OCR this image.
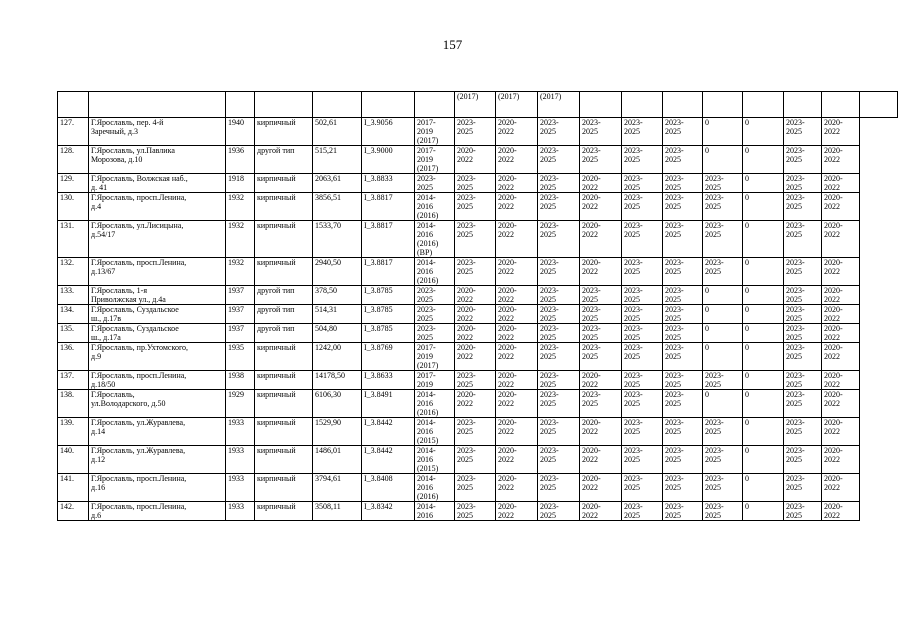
157
							(2017)	(2017)	(2017)								
127.	Г.Ярославль, пер. 4-й
Заречный, д.3	1940	кирпичный	502,61	I_3.9056	2017-
2019
(2017)	2023-
2025	2020-
2022	2023-
2025	2023-
2025	2023-
2025	2023-
2025	0	0	2023-
2025	2020-
2022	
128.	Г.Ярославль, ул.Павлика
Морозова, д.10	1936	другой тип	515,21	I_3.9000	2017-
2019
(2017)	2020-
2022	2020-
2022	2023-
2025	2023-
2025	2023-
2025	2023-
2025	0	0	2023-
2025	2020-
2022	
129.	Г.Ярославль, Волжская наб.,
д. 41	1918	кирпичный	2063,61	I_3.8833	2023-
2025	2023-
2025	2020-
2022	2023-
2025	2020-
2022	2023-
2025	2023-
2025	2023-
2025	0	2023-
2025	2020-
2022	
130.	Г.Ярославль, просп.Ленина,
д.4	1932	кирпичный	3856,51	I_3.8817	2014-
2016
(2016)	2023-
2025	2020-
2022	2023-
2025	2020-
2022	2023-
2025	2023-
2025	2023-
2025	0	2023-
2025	2020-
2022	
131.	Г.Ярославль, ул.Лисицына,
д.54/17	1932	кирпичный	1533,70	I_3.8817	2014-
2016
(2016)
(ВР)	2023-
2025	2020-
2022	2023-
2025	2020-
2022	2023-
2025	2023-
2025	2023-
2025	0	2023-
2025	2020-
2022	
132.	Г.Ярославль, просп.Ленина,
д.13/67	1932	кирпичный	2940,50	I_3.8817	2014-
2016
(2016)	2023-
2025	2020-
2022	2023-
2025	2020-
2022	2023-
2025	2023-
2025	2023-
2025	0	2023-
2025	2020-
2022	
133.	Г.Ярославль, 1-я
Приволжская ул., д.4а	1937	другой тип	378,50	I_3.8785	2023-
2025	2020-
2022	2020-
2022	2023-
2025	2023-
2025	2023-
2025	2023-
2025	0	0	2023-
2025	2020-
2022	
134.	Г.Ярославль, Суздальское
ш., д.17в	1937	другой тип	514,31	I_3.8785	2023-
2025	2020-
2022	2020-
2022	2023-
2025	2023-
2025	2023-
2025	2023-
2025	0	0	2023-
2025	2020-
2022	
135.	Г.Ярославль, Суздальское
ш., д.17а	1937	другой тип	504,80	I_3.8785	2023-
2025	2020-
2022	2020-
2022	2023-
2025	2023-
2025	2023-
2025	2023-
2025	0	0	2023-
2025	2020-
2022	
136.	Г.Ярославль, пр.Ухтомского,
д.9	1935	кирпичный	1242,00	I_3.8769	2017-
2019
(2017)	2020-
2022	2020-
2022	2023-
2025	2023-
2025	2023-
2025	2023-
2025	0	0	2023-
2025	2020-
2022	
137.	Г.Ярославль, просп.Ленина,
д.18/50	1938	кирпичный	14178,50	I_3.8633	2017-
2019	2023-
2025	2020-
2022	2023-
2025	2020-
2022	2023-
2025	2023-
2025	2023-
2025	0	2023-
2025	2020-
2022	
138.	Г.Ярославль,
ул.Володарского, д.50	1929	кирпичный	6106,30	I_3.8491	2014-
2016
(2016)	2020-
2022	2020-
2022	2023-
2025	2023-
2025	2023-
2025	2023-
2025	0	0	2023-
2025	2020-
2022	
139.	Г.Ярославль, ул.Журавлева,
д.14	1933	кирпичный	1529,90	I_3.8442	2014-
2016
(2015)	2023-
2025	2020-
2022	2023-
2025	2020-
2022	2023-
2025	2023-
2025	2023-
2025	0	2023-
2025	2020-
2022	
140.	Г.Ярославль, ул.Журавлева,
д.12	1933	кирпичный	1486,01	I_3.8442	2014-
2016
(2015)	2023-
2025	2020-
2022	2023-
2025	2020-
2022	2023-
2025	2023-
2025	2023-
2025	0	2023-
2025	2020-
2022	
141.	Г.Ярославль, просп.Ленина,
д.16	1933	кирпичный	3794,61	I_3.8408	2014-
2016
(2016)	2023-
2025	2020-
2022	2023-
2025	2020-
2022	2023-
2025	2023-
2025	2023-
2025	0	2023-
2025	2020-
2022	
142.	Г.Ярославль, просп.Ленина,
д.6	1933	кирпичный	3508,11	I_3.8342	2014-
2016	2023-
2025	2020-
2022	2023-
2025	2020-
2022	2023-
2025	2023-
2025	2023-
2025	0	2023-
2025	2020-
2022	
